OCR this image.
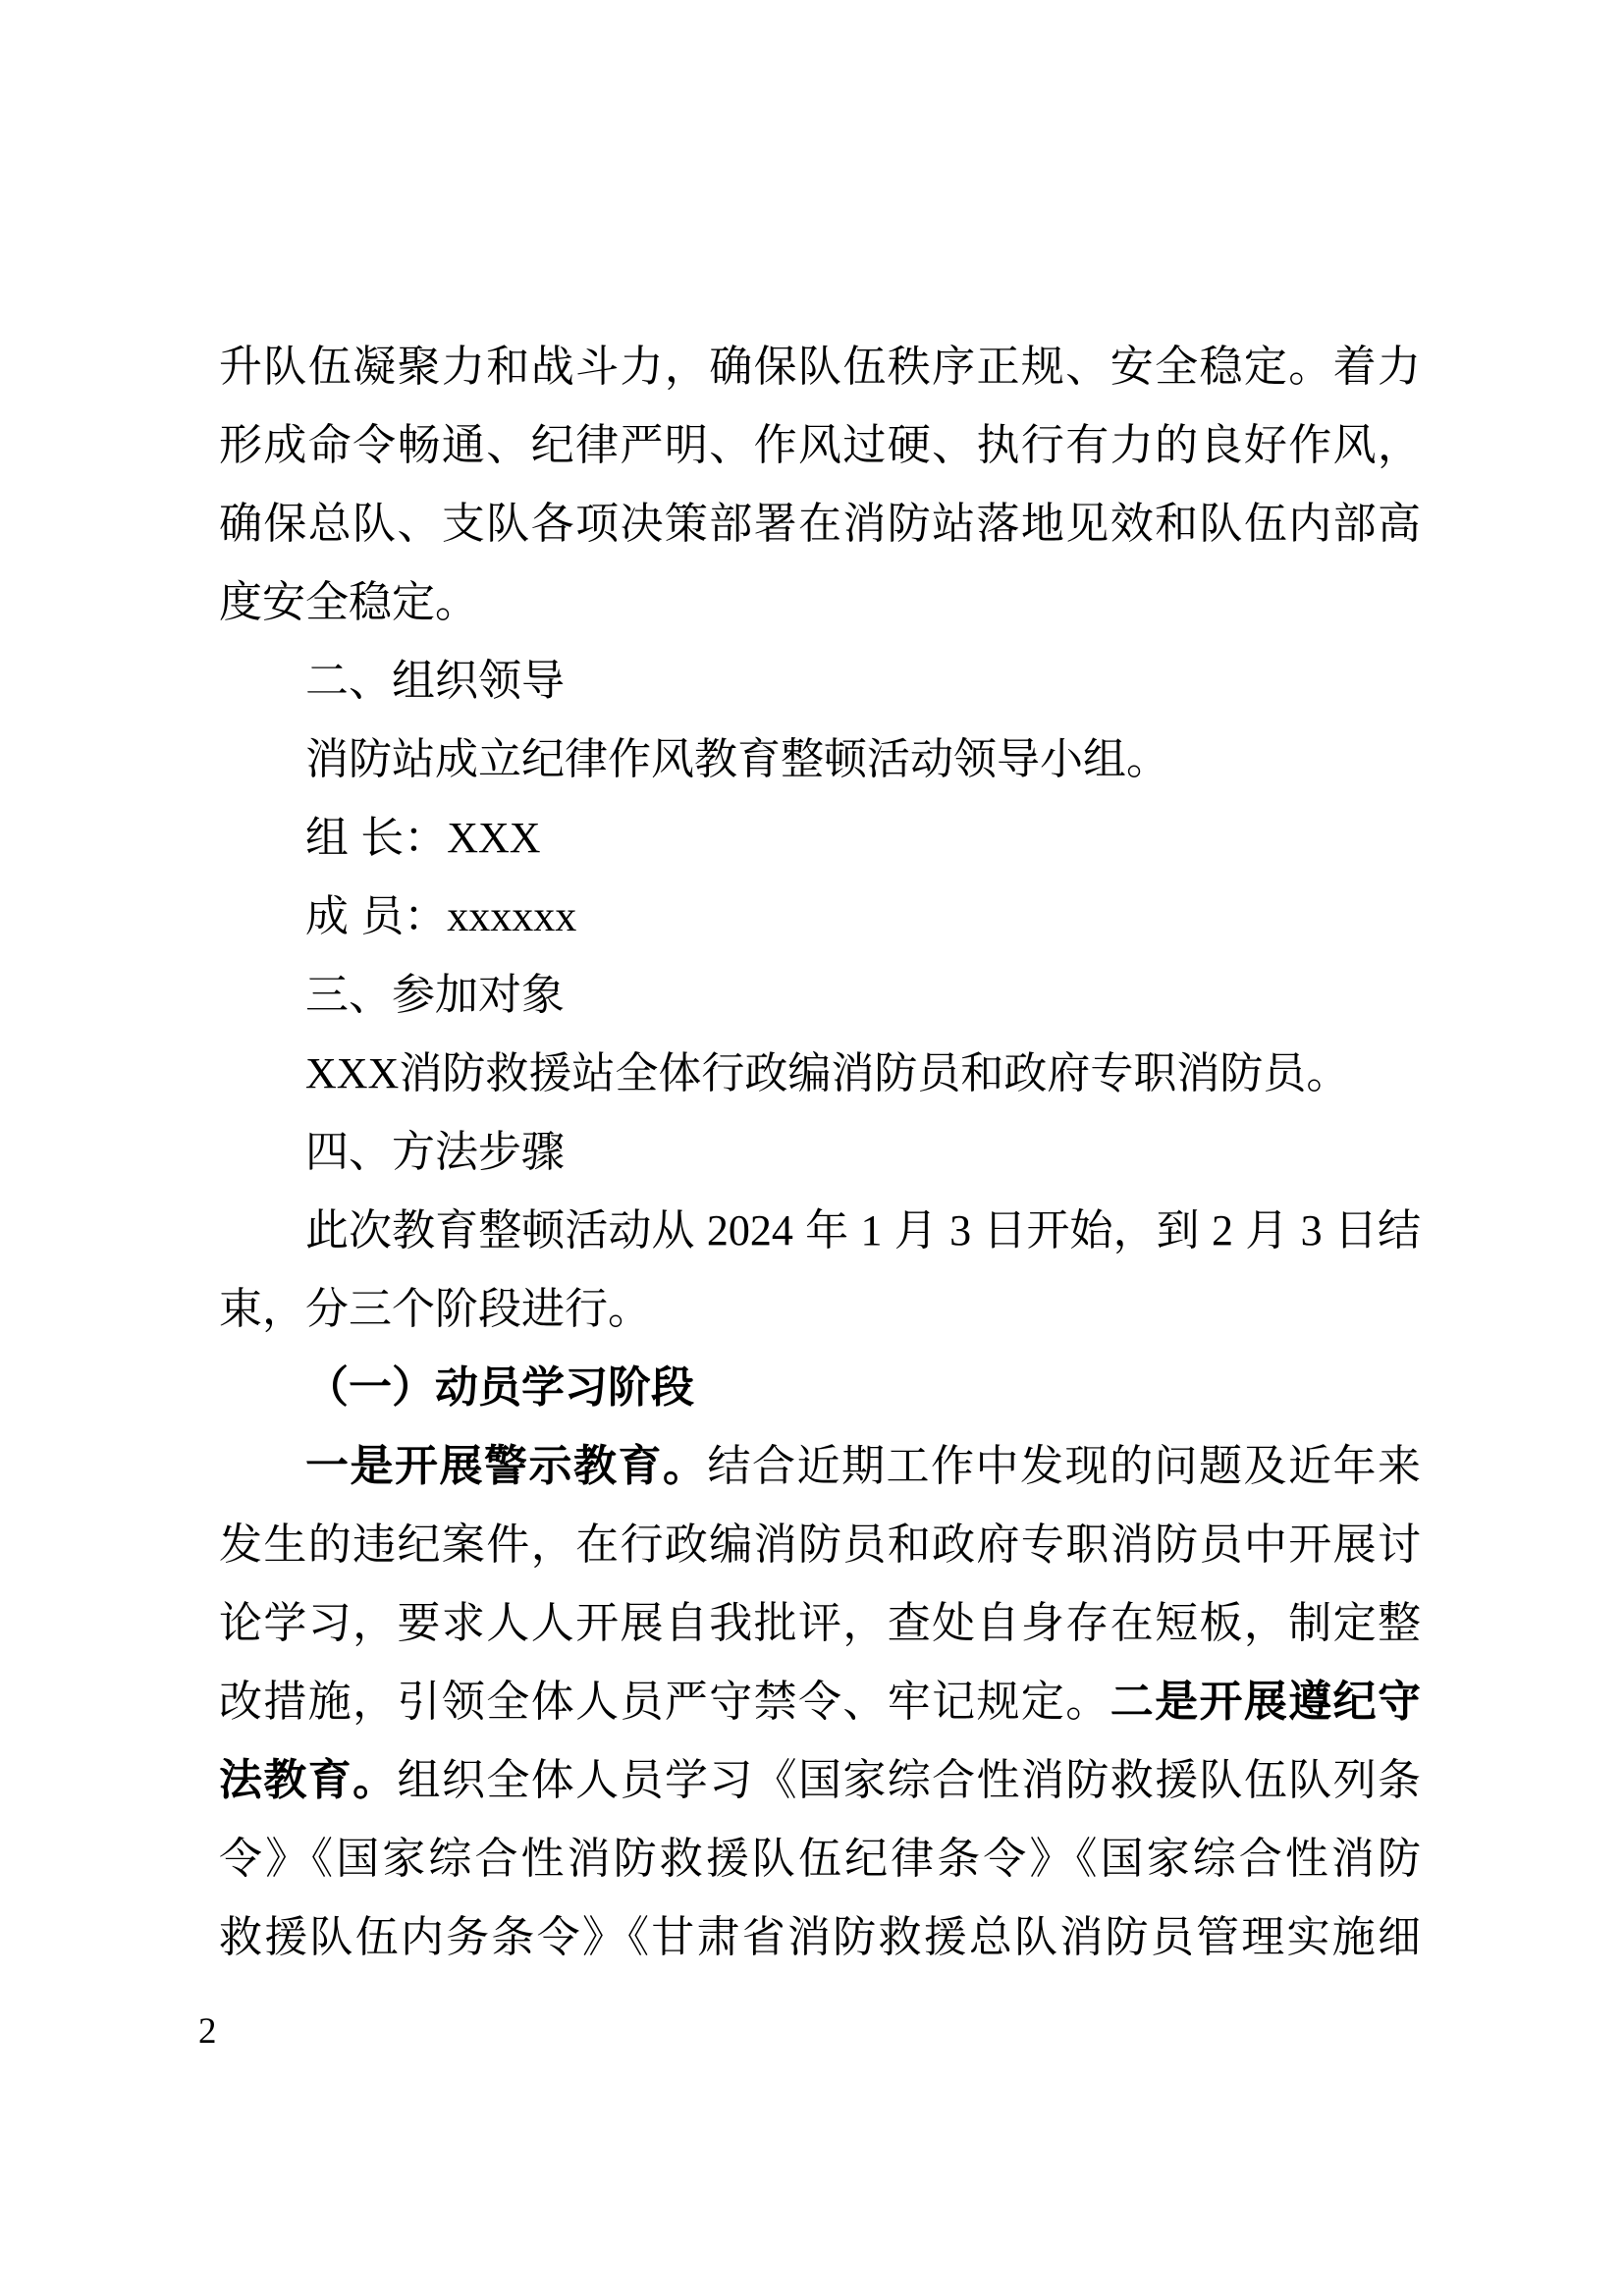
升队伍凝聚力和战斗力，确保队伍秩序正规、安全稳定。着力
形成命令畅通、纪律严明、作风过硬、执行有力的良好作风，
确保总队、支队各项决策部署在消防站落地见效和队伍内部高
度安全稳定。
二、组织领导
消防站成立纪律作风教育整顿活动领导小组。
组 长：XXX
成 员：xxxxxx
三、参加对象
XXX消防救援站全体行政编消防员和政府专职消防员。
四、方法步骤
此次教育整顿活动从 2024 年 1 月 3 日开始，到 2 月 3 日结
束，分三个阶段进行。
（一）动员学习阶段
一是开展警示教育。结合近期工作中发现的问题及近年来
发生的违纪案件，在行政编消防员和政府专职消防员中开展讨
论学习，要求人人开展自我批评，查处自身存在短板，制定整
改措施，引领全体人员严守禁令、牢记规定。二是开展遵纪守
法教育。组织全体人员学习《国家综合性消防救援队伍队列条
令》《国家综合性消防救援队伍纪律条令》《国家综合性消防
救援队伍内务条令》《甘肃省消防救援总队消防员管理实施细
2
